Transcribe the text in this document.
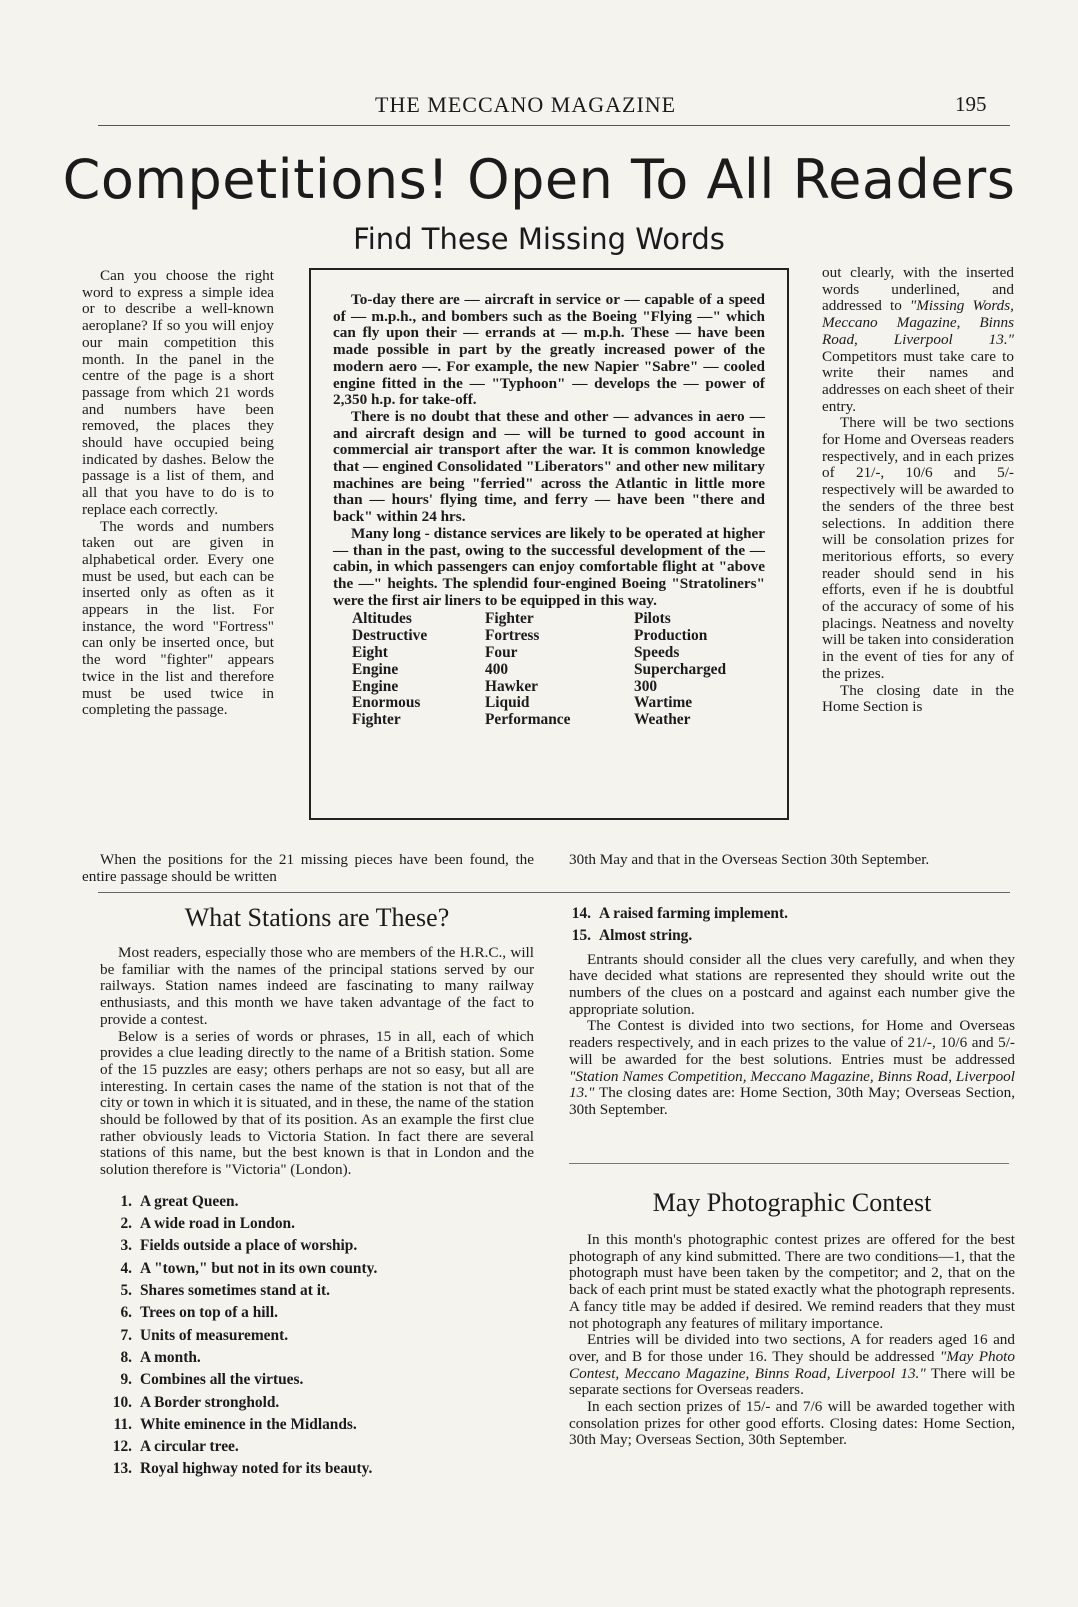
THE MECCANO MAGAZINE	195
Competitions! Open To All Readers
Find These Missing Words

Can you choose the right word to express a simple idea or to describe a well-known aeroplane? If so you will enjoy our main competition this month. In the panel in the centre of the page is a short passage from which 21 words and numbers have been removed, the places they should have occupied being indicated by dashes. Below the passage is a list of them, and all that you have to do is to replace each correctly.

The words and numbers taken out are given in alphabetical order. Every one must be used, but each can be inserted only as often as it appears in the list. For instance, the word "Fortress" can only be inserted once, but the word "fighter" appears twice in the list and therefore must be used twice in completing the passage.

To-day there are — aircraft in service or — capable of a speed of — m.p.h., and bombers such as the Boeing "Flying —" which can fly upon their — errands at — m.p.h. These — have been made possible in part by the greatly increased power of the modern aero —. For example, the new Napier "Sabre" — cooled engine fitted in the — "Typhoon" — develops the — power of 2,350 h.p. for take-off.

There is no doubt that these and other — advances in aero — and aircraft design and — will be turned to good account in commercial air transport after the war. It is common knowledge that — engined Consolidated "Liberators" and other new military machines are being "ferried" across the Atlantic in little more than — hours' flying time, and ferry — have been "there and back" within 24 hrs.

Many long - distance services are likely to be operated at higher — than in the past, owing to the successful development of the — cabin, in which passengers can enjoy comfortable flight at "above the —" heights. The splendid four-engined Boeing "Stratoliners" were the first air liners to be equipped in this way.

Altitudes	Fighter	Pilots
Destructive	Fortress	Production
Eight	Four	Speeds
Engine	400	Supercharged
Engine	Hawker	300
Enormous	Liquid	Wartime
Fighter	Performance	Weather

out clearly, with the inserted words underlined, and addressed to "Missing Words, Meccano Magazine, Binns Road, Liverpool 13." Competitors must take care to write their names and addresses on each sheet of their entry.

There will be two sections for Home and Overseas readers respectively, and in each prizes of 21/-, 10/6 and 5/- respectively will be awarded to the senders of the three best selections. In addition there will be consolation prizes for meritorious efforts, so every reader should send in his efforts, even if he is doubtful of the accuracy of some of his placings. Neatness and novelty will be taken into consideration in the event of ties for any of the prizes.

The closing date in the Home Section is

When the positions for the 21 missing pieces have been found, the entire passage should be written

30th May and that in the Overseas Section 30th September.

What Stations are These?

Most readers, especially those who are members of the H.R.C., will be familiar with the names of the principal stations served by our railways. Station names indeed are fascinating to many railway enthusiasts, and this month we have taken advantage of the fact to provide a contest.

Below is a series of words or phrases, 15 in all, each of which provides a clue leading directly to the name of a British station. Some of the 15 puzzles are easy; others perhaps are not so easy, but all are interesting. In certain cases the name of the station is not that of the city or town in which it is situated, and in these, the name of the station should be followed by that of its position. As an example the first clue rather obviously leads to Victoria Station. In fact there are several stations of this name, but the best known is that in London and the solution therefore is "Victoria" (London).

1. A great Queen.
2. A wide road in London.
3. Fields outside a place of worship.
4. A "town," but not in its own county.
5. Shares sometimes stand at it.
6. Trees on top of a hill.
7. Units of measurement.
8. A month.
9. Combines all the virtues.
10. A Border stronghold.
11. White eminence in the Midlands.
12. A circular tree.
13. Royal highway noted for its beauty.
14. A raised farming implement.
15. Almost string.

Entrants should consider all the clues very carefully, and when they have decided what stations are represented they should write out the numbers of the clues on a postcard and against each number give the appropriate solution.

The Contest is divided into two sections, for Home and Overseas readers respectively, and in each prizes to the value of 21/-, 10/6 and 5/- will be awarded for the best solutions. Entries must be addressed "Station Names Competition, Meccano Magazine, Binns Road, Liverpool 13." The closing dates are: Home Section, 30th May; Overseas Section, 30th September.

May Photographic Contest

In this month's photographic contest prizes are offered for the best photograph of any kind submitted. There are two conditions—1, that the photograph must have been taken by the competitor; and 2, that on the back of each print must be stated exactly what the photograph represents. A fancy title may be added if desired. We remind readers that they must not photograph any features of military importance.

Entries will be divided into two sections, A for readers aged 16 and over, and B for those under 16. They should be addressed "May Photo Contest, Meccano Magazine, Binns Road, Liverpool 13." There will be separate sections for Overseas readers.

In each section prizes of 15/- and 7/6 will be awarded together with consolation prizes for other good efforts. Closing dates: Home Section, 30th May; Overseas Section, 30th September.
